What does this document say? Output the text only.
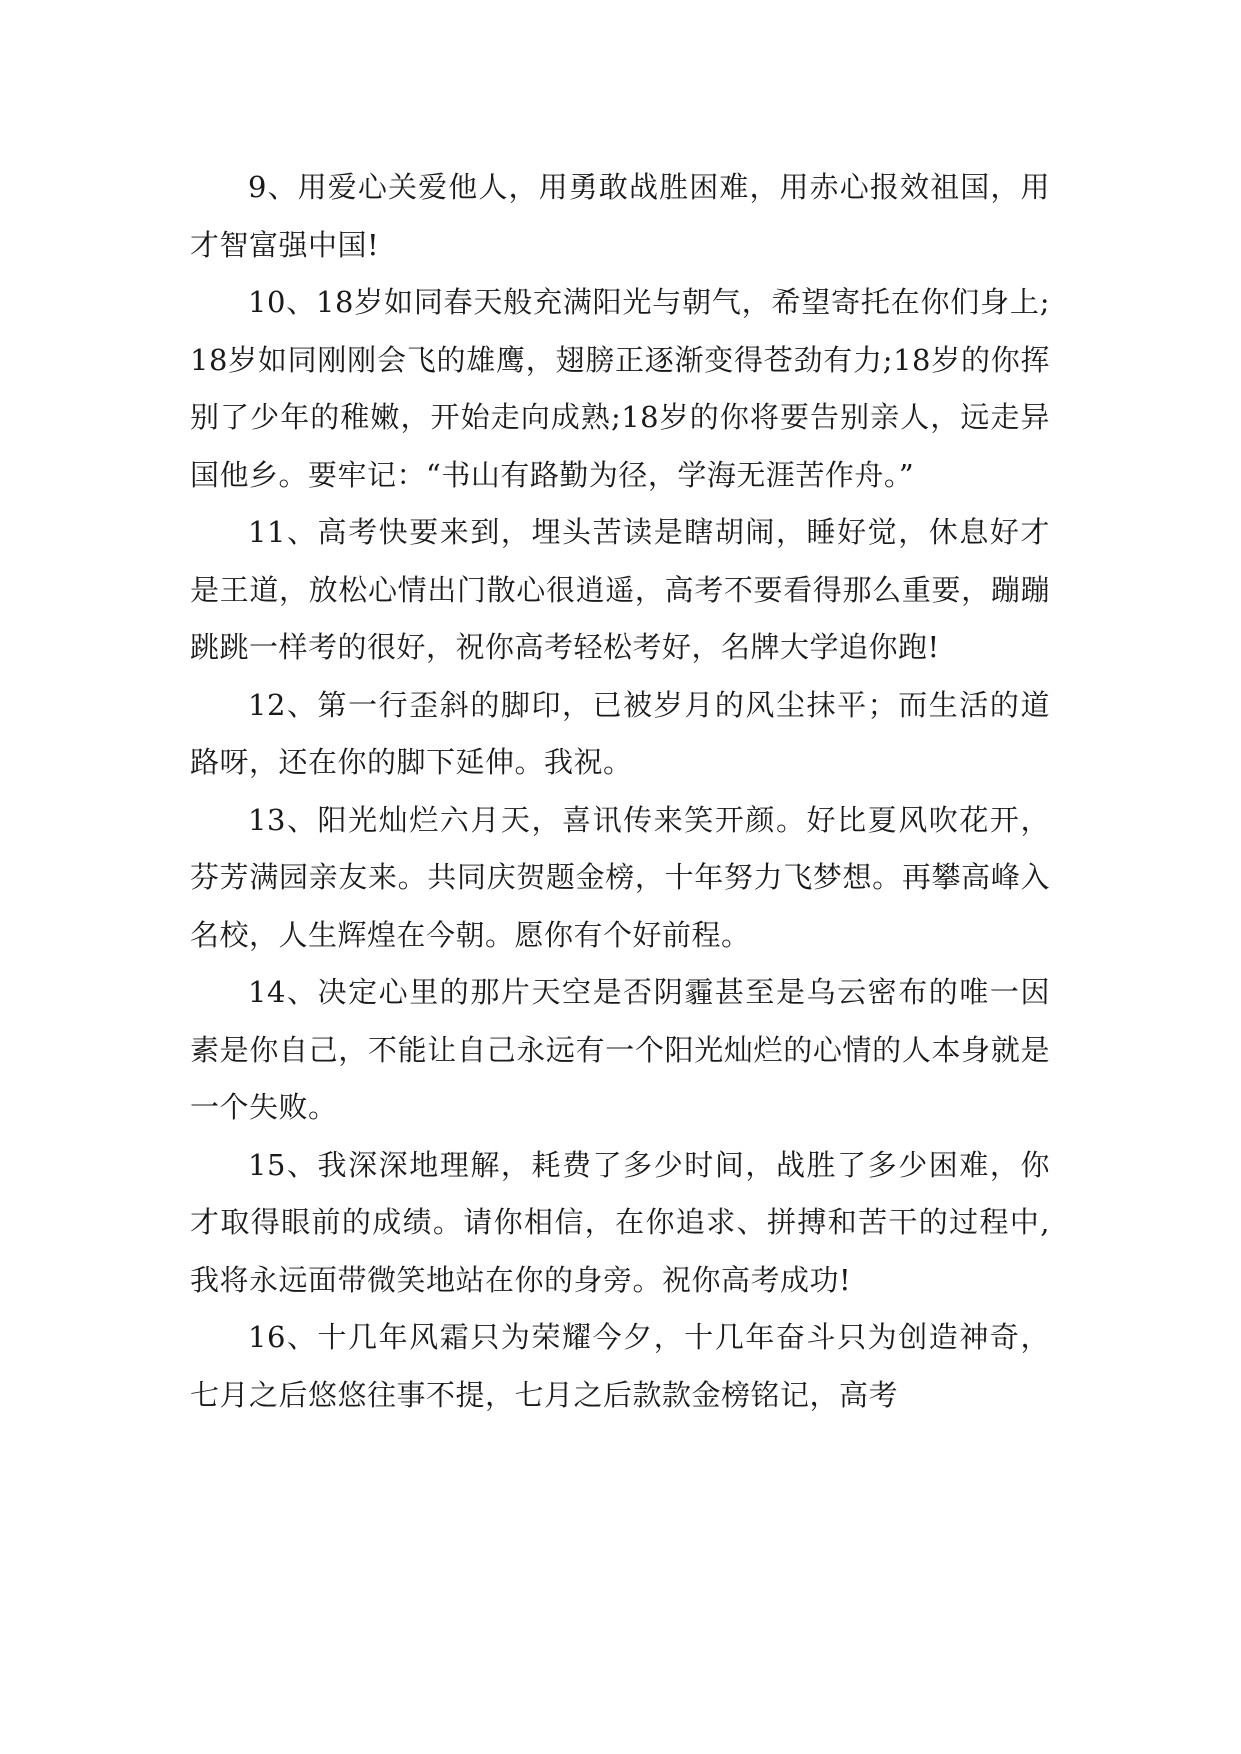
9、用爱心关爱他人，用勇敢战胜困难，用赤心报效祖国，用才智富强中国!

10、18岁如同春天般充满阳光与朝气，希望寄托在你们身上;18岁如同刚刚会飞的雄鹰，翅膀正逐渐变得苍劲有力;18岁的你挥别了少年的稚嫩，开始走向成熟;18岁的你将要告别亲人，远走异国他乡。要牢记：“书山有路勤为径，学海无涯苦作舟。”

11、高考快要来到，埋头苦读是瞎胡闹，睡好觉，休息好才是王道，放松心情出门散心很逍遥，高考不要看得那么重要，蹦蹦跳跳一样考的很好，祝你高考轻松考好，名牌大学追你跑!

12、第一行歪斜的脚印，已被岁月的风尘抹平；而生活的道路呀，还在你的脚下延伸。我祝。

13、阳光灿烂六月天，喜讯传来笑开颜。好比夏风吹花开，芬芳满园亲友来。共同庆贺题金榜，十年努力飞梦想。再攀高峰入名校，人生辉煌在今朝。愿你有个好前程。

14、决定心里的那片天空是否阴霾甚至是乌云密布的唯一因素是你自己，不能让自己永远有一个阳光灿烂的心情的人本身就是一个失败。

15、我深深地理解，耗费了多少时间，战胜了多少困难，你才取得眼前的成绩。请你相信，在你追求、拼搏和苦干的过程中,我将永远面带微笑地站在你的身旁。祝你高考成功!

16、十几年风霜只为荣耀今夕，十几年奋斗只为创造神奇，七月之后悠悠往事不提，七月之后款款金榜铭记，高考
